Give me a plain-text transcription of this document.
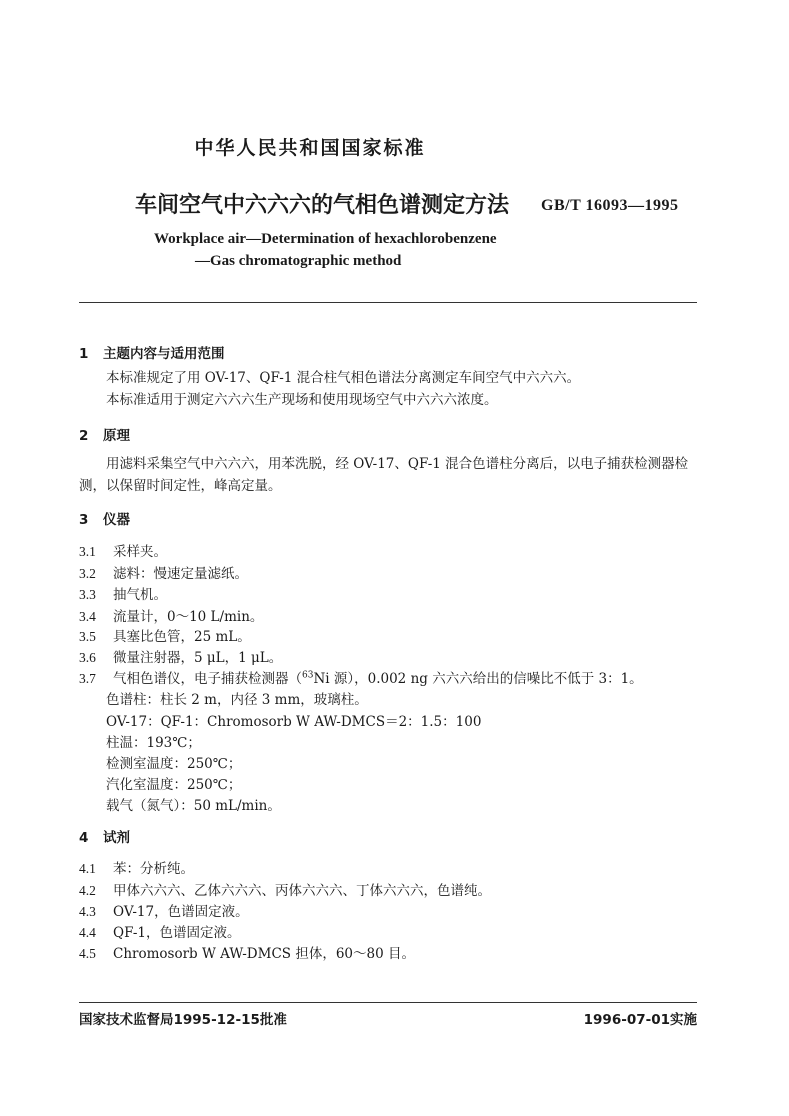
中华人民共和国国家标准
车间空气中六六六的气相色谱测定方法 GB/T 16093—1995
Workplace air—Determination of hexachlorobenzene
—Gas chromatographic method
1 主题内容与适用范围
本标准规定了用 OV-17、QF-1 混合柱气相色谱法分离测定车间空气中六六六。
本标准适用于测定六六六生产现场和使用现场空气中六六六浓度。
2 原理
用滤料采集空气中六六六，用苯洗脱，经 OV-17、QF-1 混合色谱柱分离后，以电子捕获检测器检
测，以保留时间定性，峰高定量。
3 仪器
3.1 采样夹。
3.2 滤料：慢速定量滤纸。
3.3 抽气机。
3.4 流量计，0～10 L/min。
3.5 具塞比色管，25 mL。
3.6 微量注射器，5 μL，1 μL。
3.7 气相色谱仪，电子捕获检测器（$^{63}$Ni 源），0.002 ng 六六六给出的信噪比不低于 3：1。
色谱柱：柱长 2 m，内径 3 mm，玻璃柱。
OV-17：QF-1：Chromosorb W AW-DMCS＝2：1.5：100
柱温：193℃；
检测室温度：250℃；
汽化室温度：250℃；
载气（氮气）：50 mL/min。
4 试剂
4.1 苯：分析纯。
4.2 甲体六六六、乙体六六六、丙体六六六、丁体六六六，色谱纯。
4.3 OV-17，色谱固定液。
4.4 QF-1，色谱固定液。
4.5 Chromosorb W AW-DMCS 担体，60～80 目。
国家技术监督局1995-12-15批准	1996-07-01实施
